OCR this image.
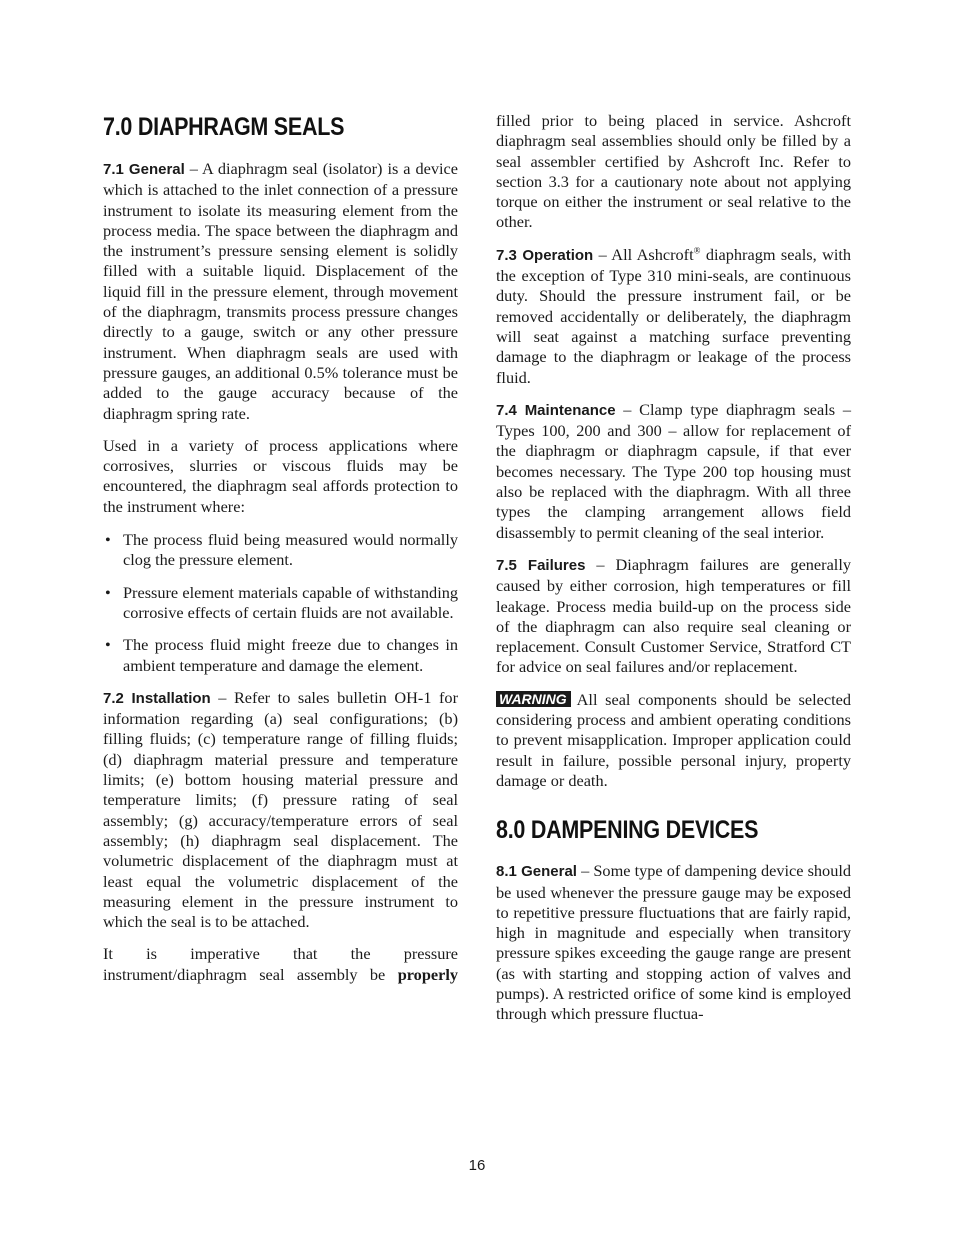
7.0 DIAPHRAGM SEALS

7.1 General – A diaphragm seal (isolator) is a device which is attached to the inlet connection of a pressure instrument to isolate its measuring element from the process media. The space between the diaphragm and the instrument’s pressure sensing element is solidly filled with a suitable liquid. Displacement of the liquid fill in the pressure element, through movement of the diaphragm, transmits process pressure changes directly to a gauge, switch or any other pressure instrument. When diaphragm seals are used with pressure gauges, an additional 0.5% tolerance must be added to the gauge accuracy because of the diaphragm spring rate.

Used in a variety of process applications where corrosives, slurries or viscous fluids may be encountered, the diaphragm seal affords protection to the instrument where:

• The process fluid being measured would normally clog the pressure element.
• Pressure element materials capable of withstanding corrosive effects of certain fluids are not available.
• The process fluid might freeze due to changes in ambient temperature and damage the element.

7.2 Installation – Refer to sales bulletin OH-1 for information regarding (a) seal configurations; (b) filling fluids; (c) temperature range of filling fluids; (d) diaphragm material pressure and temperature limits; (e) bottom housing material pressure and temperature limits; (f) pressure rating of seal assembly; (g) accuracy/temperature errors of seal assembly; (h) diaphragm seal displacement. The volumetric displacement of the diaphragm must at least equal the volumetric displacement of the measuring element in the pressure instrument to which the seal is to be attached.

It is imperative that the pressure instrument/diaphragm seal assembly be properly

filled prior to being placed in service. Ashcroft diaphragm seal assemblies should only be filled by a seal assembler certified by Ashcroft Inc. Refer to section 3.3 for a cautionary note about not applying torque on either the instrument or seal relative to the other.

7.3 Operation – All Ashcroft® diaphragm seals, with the exception of Type 310 mini-seals, are continuous duty. Should the pressure instrument fail, or be removed accidentally or deliberately, the diaphragm will seat against a matching surface preventing damage to the diaphragm or leakage of the process fluid.

7.4 Maintenance – Clamp type diaphragm seals – Types 100, 200 and 300 – allow for replacement of the diaphragm or diaphragm capsule, if that ever becomes necessary. The Type 200 top housing must also be replaced with the diaphragm. With all three types the clamping arrangement allows field disassembly to permit cleaning of the seal interior.

7.5 Failures – Diaphragm failures are generally caused by either corrosion, high temperatures or fill leakage. Process media build-up on the process side of the diaphragm can also require seal cleaning or replacement. Consult Customer Service, Stratford CT for advice on seal failures and/or replacement.

WARNING All seal components should be selected considering process and ambient operating conditions to prevent misapplication. Improper application could result in failure, possible personal injury, property damage or death.

8.0 DAMPENING DEVICES

8.1 General – Some type of dampening device should be used whenever the pressure gauge may be exposed to repetitive pressure fluctuations that are fairly rapid, high in magnitude and especially when transitory pressure spikes exceeding the gauge range are present (as with starting and stopping action of valves and pumps). A restricted orifice of some kind is employed through which pressure fluctua-

16
